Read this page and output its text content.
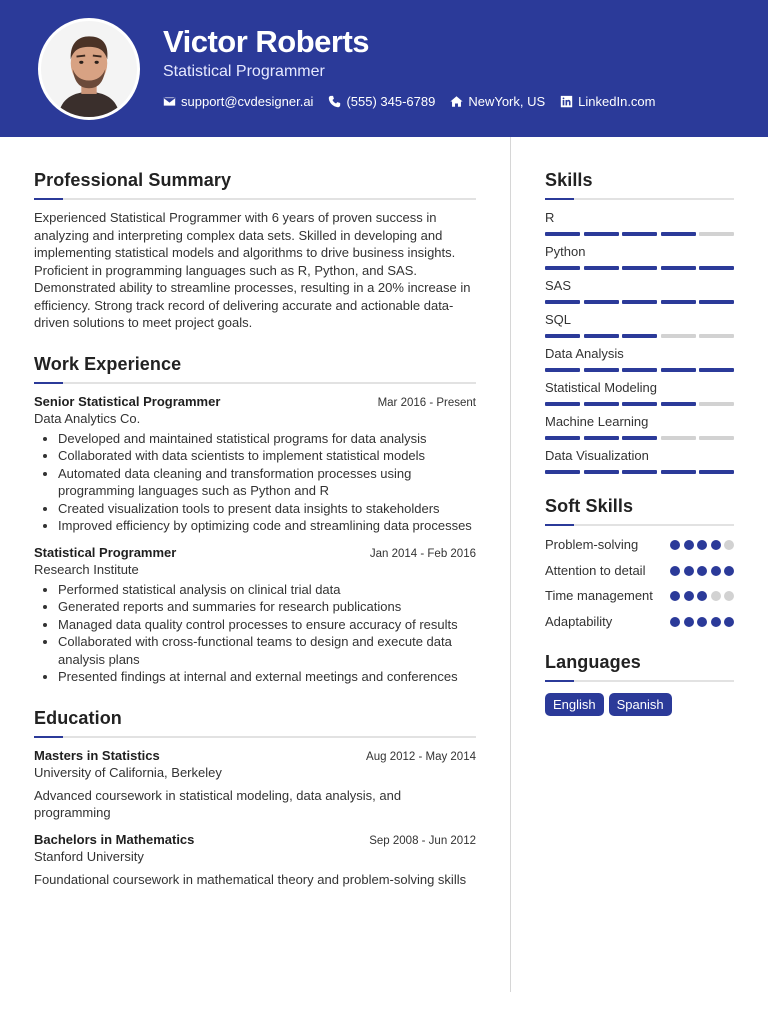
Victor Roberts
Statistical Programmer
support@cvdesigner.ai	(555) 345-6789	NewYork, US	LinkedIn.com
Professional Summary
Experienced Statistical Programmer with 6 years of proven success in analyzing and interpreting complex data sets. Skilled in developing and implementing statistical models and algorithms to drive business insights. Proficient in programming languages such as R, Python, and SAS. Demonstrated ability to streamline processes, resulting in a 20% increase in efficiency. Strong track record of delivering accurate and actionable data-driven solutions to meet project goals.
Work Experience
Senior Statistical Programmer	Mar 2016 - Present
Data Analytics Co.
• Developed and maintained statistical programs for data analysis
• Collaborated with data scientists to implement statistical models
• Automated data cleaning and transformation processes using programming languages such as Python and R
• Created visualization tools to present data insights to stakeholders
• Improved efficiency by optimizing code and streamlining data processes
Statistical Programmer	Jan 2014 - Feb 2016
Research Institute
• Performed statistical analysis on clinical trial data
• Generated reports and summaries for research publications
• Managed data quality control processes to ensure accuracy of results
• Collaborated with cross-functional teams to design and execute data analysis plans
• Presented findings at internal and external meetings and conferences
Education
Masters in Statistics	Aug 2012 - May 2014
University of California, Berkeley
Advanced coursework in statistical modeling, data analysis, and programming
Bachelors in Mathematics	Sep 2008 - Jun 2012
Stanford University
Foundational coursework in mathematical theory and problem-solving skills
Skills
R
Python
SAS
SQL
Data Analysis
Statistical Modeling
Machine Learning
Data Visualization
Soft Skills
Problem-solving
Attention to detail
Time management
Adaptability
Languages
English	Spanish
